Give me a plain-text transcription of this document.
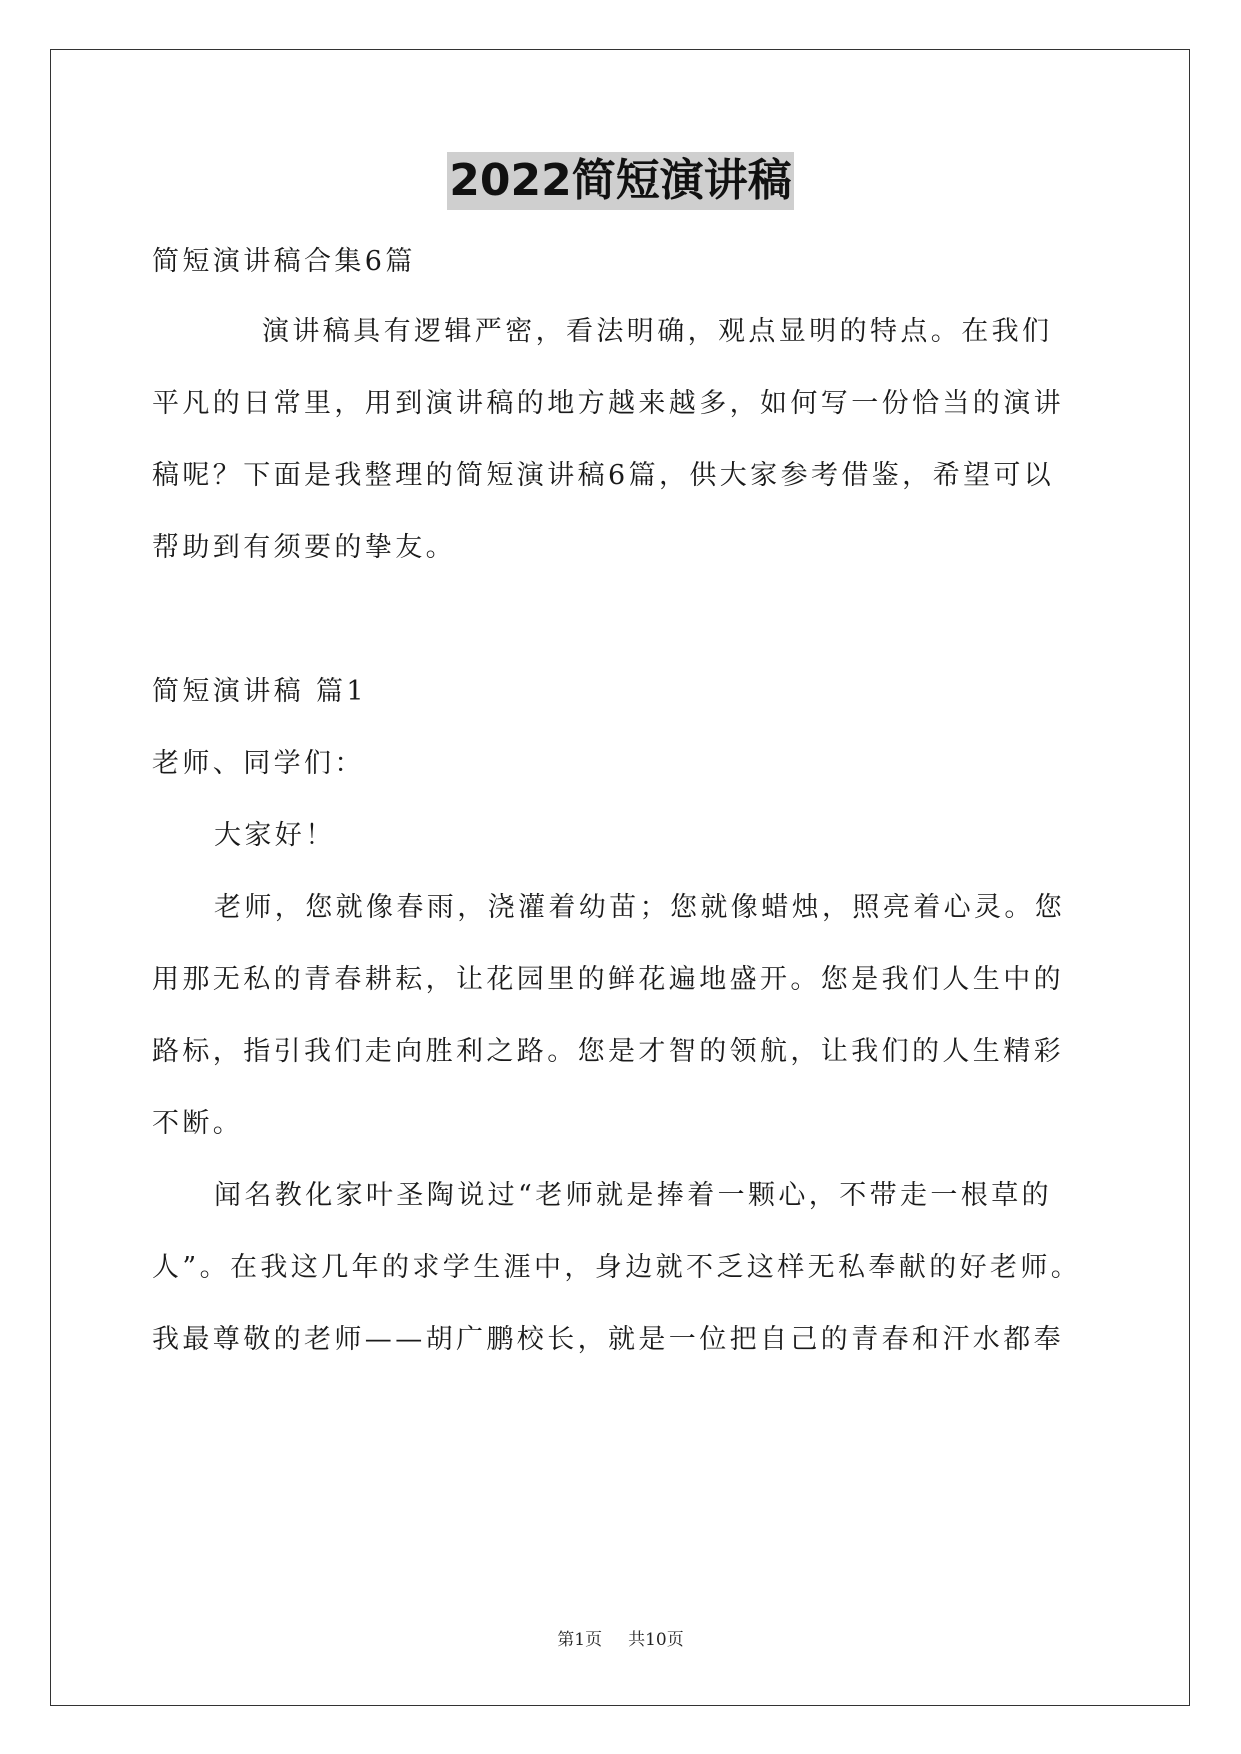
2022简短演讲稿
简短演讲稿合集6篇
演讲稿具有逻辑严密，看法明确，观点显明的特点。在我们
平凡的日常里，用到演讲稿的地方越来越多，如何写一份恰当的演讲
稿呢？下面是我整理的简短演讲稿6篇，供大家参考借鉴，希望可以
帮助到有须要的挚友。
简短演讲稿 篇1
老师、同学们：
大家好！
老师，您就像春雨，浇灌着幼苗；您就像蜡烛，照亮着心灵。您
用那无私的青春耕耘，让花园里的鲜花遍地盛开。您是我们人生中的
路标，指引我们走向胜利之路。您是才智的领航，让我们的人生精彩
不断。
闻名教化家叶圣陶说过“老师就是捧着一颗心，不带走一根草的
人”。在我这几年的求学生涯中，身边就不乏这样无私奉献的好老师。
我最尊敬的老师——胡广鹏校长，就是一位把自己的青春和汗水都奉
第1页 共10页
